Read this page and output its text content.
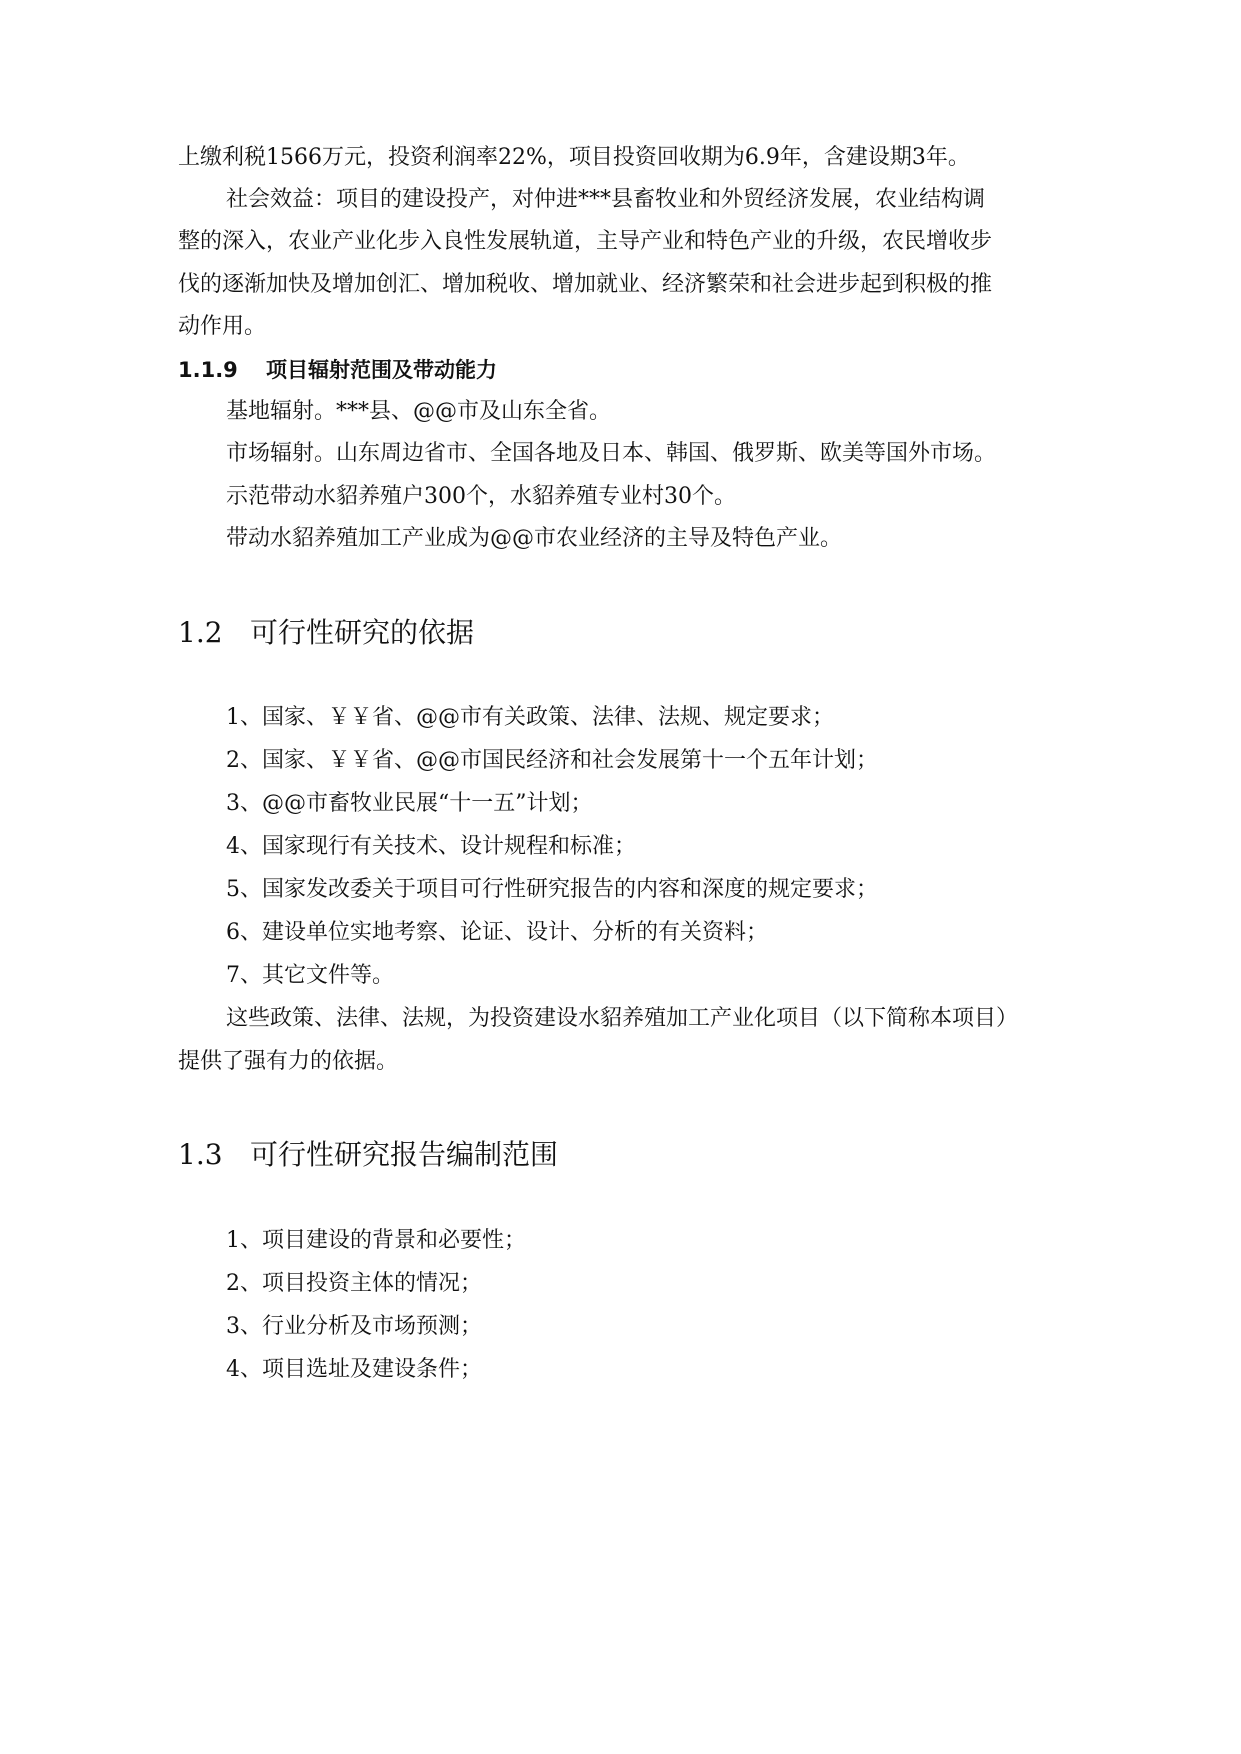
上缴利税1566万元，投资利润率22%，项目投资回收期为6.9年，含建设期3年。
社会效益：项目的建设投产，对仲进***县畜牧业和外贸经济发展，农业结构调
整的深入，农业产业化步入良性发展轨道，主导产业和特色产业的升级，农民增收步
伐的逐渐加快及增加创汇、增加税收、增加就业、经济繁荣和社会进步起到积极的推
动作用。
1.1.9 项目辐射范围及带动能力
基地辐射。***县、@@市及山东全省。
市场辐射。山东周边省市、全国各地及日本、韩国、俄罗斯、欧美等国外市场。
示范带动水貂养殖户300个，水貂养殖专业村30个。
带动水貂养殖加工产业成为@@市农业经济的主导及特色产业。
1.2 可行性研究的依据
1、国家、￥￥省、@@市有关政策、法律、法规、规定要求；
2、国家、￥￥省、@@市国民经济和社会发展第十一个五年计划；
3、@@市畜牧业民展“十一五”计划；
4、国家现行有关技术、设计规程和标准；
5、国家发改委关于项目可行性研究报告的内容和深度的规定要求；
6、建设单位实地考察、论证、设计、分析的有关资料；
7、其它文件等。
这些政策、法律、法规，为投资建设水貂养殖加工产业化项目（以下简称本项目）
提供了强有力的依据。
1.3 可行性研究报告编制范围
1、项目建设的背景和必要性；
2、项目投资主体的情况；
3、行业分析及市场预测；
4、项目选址及建设条件；
